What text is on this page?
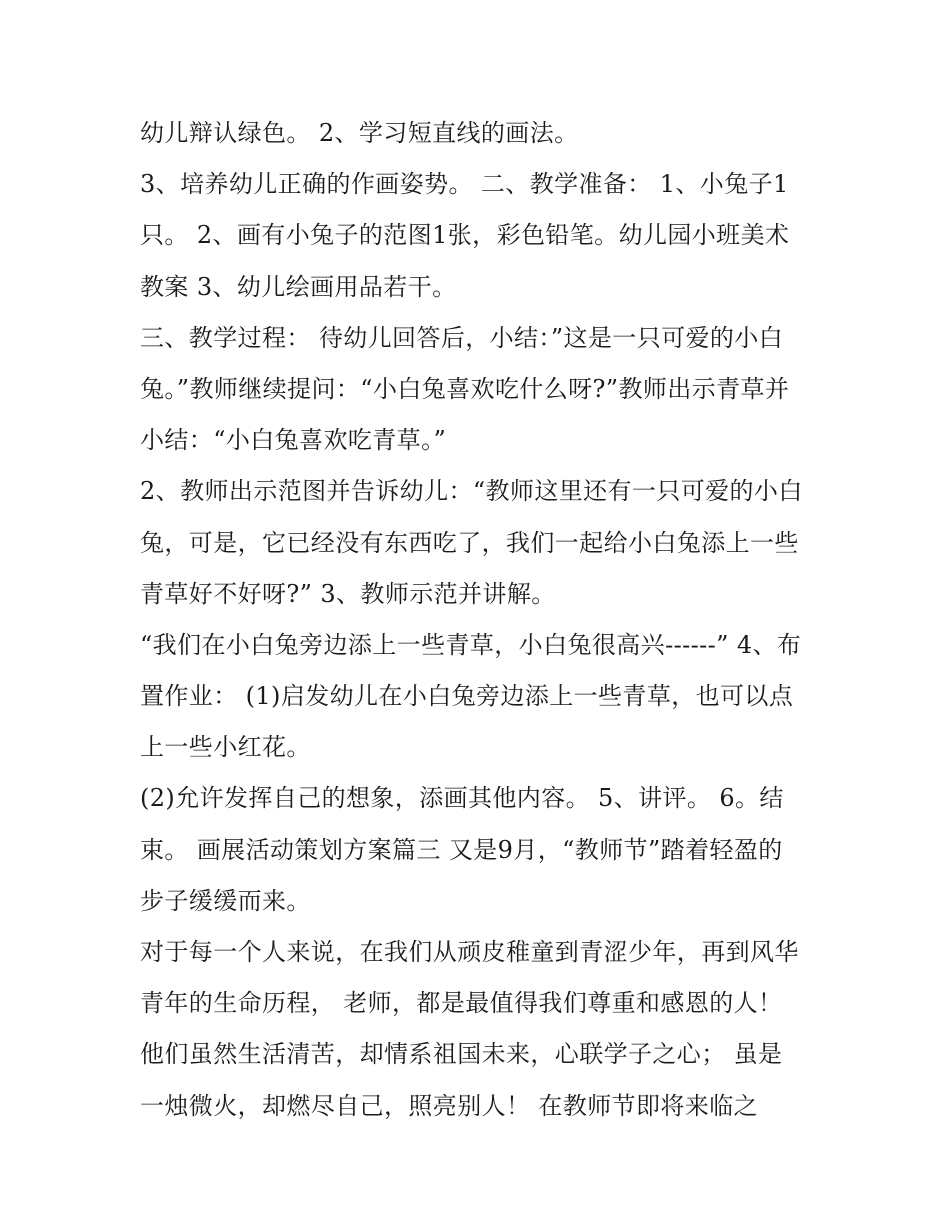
幼儿辩认绿色。 2、学习短直线的画法。
3、培养幼儿正确的作画姿势。 二、教学准备： 1、小兔子1
只。 2、画有小兔子的范图1张，彩色铅笔。幼儿园小班美术
教案 3、幼儿绘画用品若干。
三、教学过程： 待幼儿回答后，小结：”这是一只可爱的小白
兔。”教师继续提问：“小白兔喜欢吃什么呀?”教师出示青草并
小结：“小白兔喜欢吃青草。”
2、教师出示范图并告诉幼儿：“教师这里还有一只可爱的小白
兔，可是，它已经没有东西吃了，我们一起给小白兔添上一些
青草好不好呀?” 3、教师示范并讲解。
“我们在小白兔旁边添上一些青草，小白兔很高兴------” 4、布
置作业： (1)启发幼儿在小白兔旁边添上一些青草，也可以点
上一些小红花。
(2)允许发挥自己的想象，添画其他内容。 5、讲评。 6。结
束。 画展活动策划方案篇三 又是9月，“教师节”踏着轻盈的
步子缓缓而来。
对于每一个人来说，在我们从顽皮稚童到青涩少年，再到风华
青年的生命历程， 老师，都是最值得我们尊重和感恩的人！
他们虽然生活清苦，却情系祖国未来，心联学子之心； 虽是
一烛微火，却燃尽自己，照亮别人！ 在教师节即将来临之
